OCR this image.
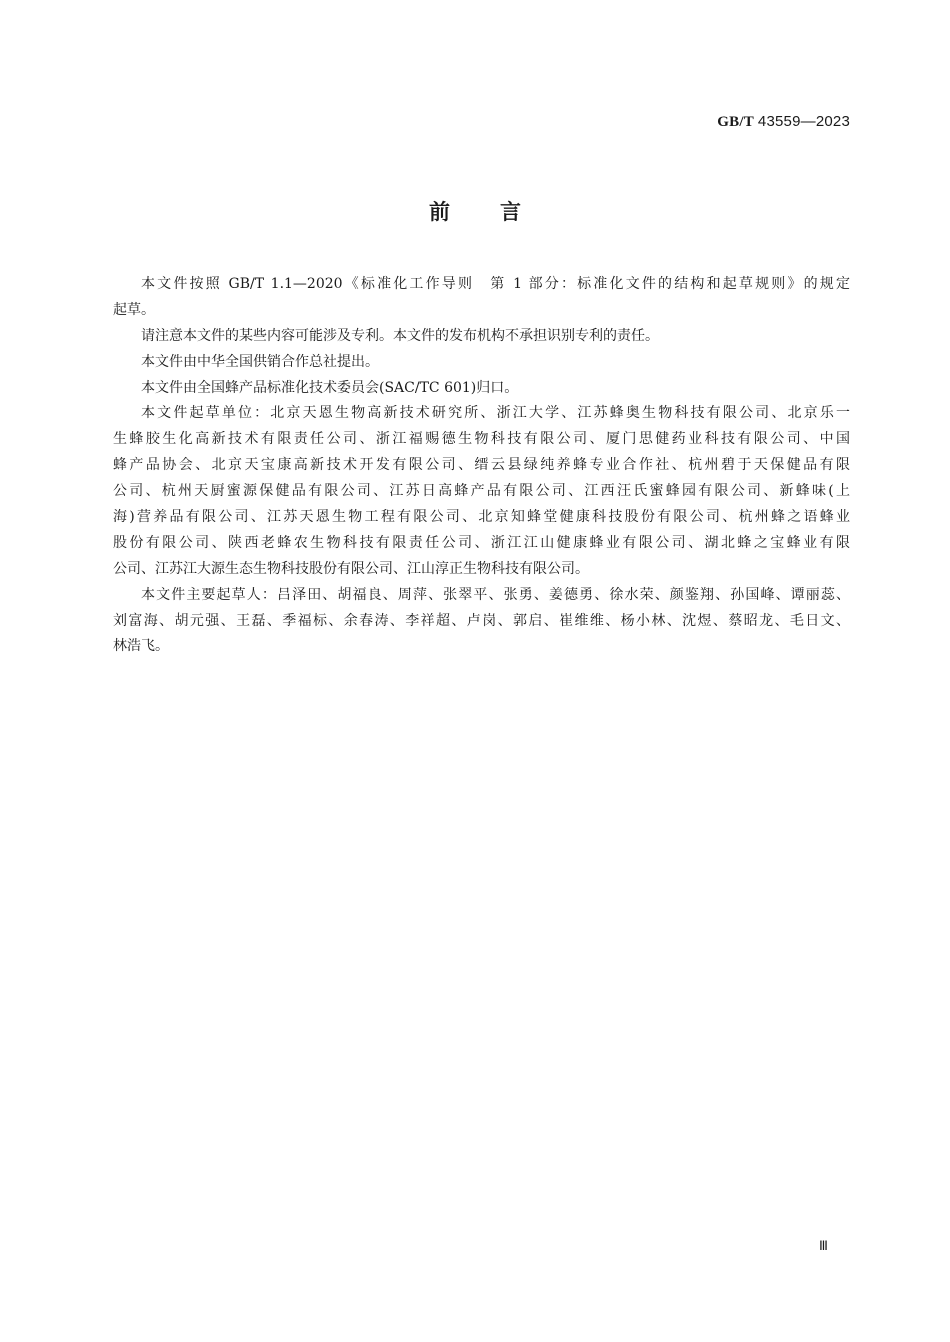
GB/T 43559—2023
前 言
本文件按照 GB/T 1.1—2020《标准化工作导则　第 1 部分：标准化文件的结构和起草规则》的规定
起草。
请注意本文件的某些内容可能涉及专利。本文件的发布机构不承担识别专利的责任。
本文件由中华全国供销合作总社提出。
本文件由全国蜂产品标准化技术委员会(SAC/TC 601)归口。
本文件起草单位：北京天恩生物高新技术研究所、浙江大学、江苏蜂奥生物科技有限公司、北京乐一
生蜂胶生化高新技术有限责任公司、浙江福赐德生物科技有限公司、厦门思健药业科技有限公司、中国
蜂产品协会、北京天宝康高新技术开发有限公司、缙云县绿纯养蜂专业合作社、杭州碧于天保健品有限
公司、杭州天厨蜜源保健品有限公司、江苏日高蜂产品有限公司、江西汪氏蜜蜂园有限公司、新蜂味(上
海)营养品有限公司、江苏天恩生物工程有限公司、北京知蜂堂健康科技股份有限公司、杭州蜂之语蜂业
股份有限公司、陕西老蜂农生物科技有限责任公司、浙江江山健康蜂业有限公司、湖北蜂之宝蜂业有限
公司、江苏江大源生态生物科技股份有限公司、江山淳正生物科技有限公司。
本文件主要起草人：吕泽田、胡福良、周萍、张翠平、张勇、姜德勇、徐水荣、颜鉴翔、孙国峰、谭丽蕊、
刘富海、胡元强、王磊、季福标、余春涛、李祥超、卢岗、郭启、崔维维、杨小林、沈煜、蔡昭龙、毛日文、
林浩飞。
Ⅲ
